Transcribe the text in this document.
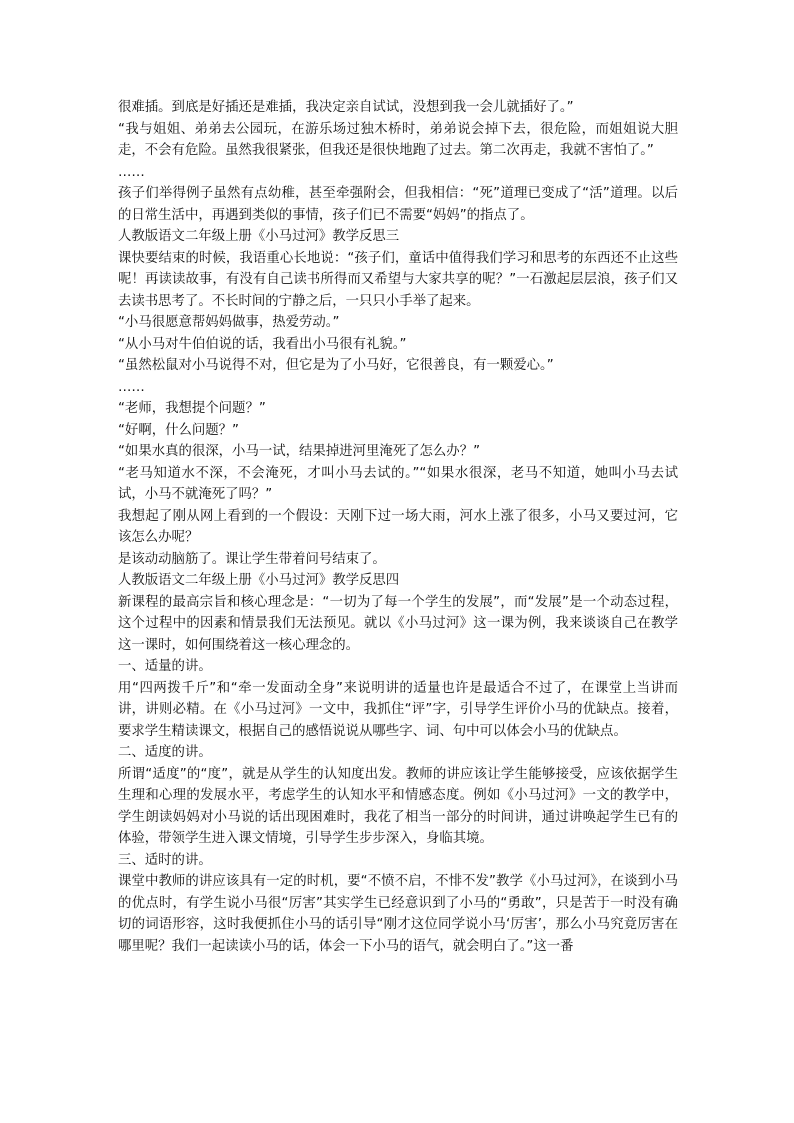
很难插。到底是好插还是难插，我决定亲自试试，没想到我一会儿就插好了。”

“我与姐姐、弟弟去公园玩，在游乐场过独木桥时，弟弟说会掉下去，很危险，而姐姐说大胆走，不会有危险。虽然我很紧张，但我还是很快地跑了过去。第二次再走，我就不害怕了。”

……

孩子们举得例子虽然有点幼稚，甚至牵强附会，但我相信：“死”道理已变成了“活”道理。以后的日常生活中，再遇到类似的事情，孩子们已不需要“妈妈”的指点了。

人教版语文二年级上册《小马过河》教学反思三

课快要结束的时候，我语重心长地说：“孩子们，童话中值得我们学习和思考的东西还不止这些呢！再读读故事，有没有自己读书所得而又希望与大家共享的呢？”一石激起层层浪，孩子们又去读书思考了。不长时间的宁静之后，一只只小手举了起来。

“小马很愿意帮妈妈做事，热爱劳动。”

“从小马对牛伯伯说的话，我看出小马很有礼貌。”

“虽然松鼠对小马说得不对，但它是为了小马好，它很善良，有一颗爱心。”

……

“老师，我想提个问题？”

“好啊，什么问题？”

“如果水真的很深，小马一试，结果掉进河里淹死了怎么办？”

“老马知道水不深，不会淹死，才叫小马去试的。”“如果水很深，老马不知道，她叫小马去试试，小马不就淹死了吗？”

我想起了刚从网上看到的一个假设：天刚下过一场大雨，河水上涨了很多，小马又要过河，它该怎么办呢？

是该动动脑筋了。课让学生带着问号结束了。

人教版语文二年级上册《小马过河》教学反思四

新课程的最高宗旨和核心理念是：“一切为了每一个学生的发展”，而“发展”是一个动态过程，这个过程中的因素和情景我们无法预见。就以《小马过河》这一课为例，我来谈谈自己在教学这一课时，如何围绕着这一核心理念的。

一、适量的讲。

用“四两拨千斤”和“牵一发面动全身”来说明讲的适量也许是最适合不过了，在课堂上当讲而讲，讲则必精。在《小马过河》一文中，我抓住“评”字，引导学生评价小马的优缺点。接着，要求学生精读课文，根据自己的感悟说说从哪些字、词、句中可以体会小马的优缺点。

二、适度的讲。

所谓“适度”的“度”，就是从学生的认知度出发。教师的讲应该让学生能够接受，应该依据学生生理和心理的发展水平，考虑学生的认知水平和情感态度。例如《小马过河》一文的教学中，学生朗读妈妈对小马说的话出现困难时，我花了相当一部分的时间讲，通过讲唤起学生已有的体验，带领学生进入课文情境，引导学生步步深入，身临其境。

三、适时的讲。

课堂中教师的讲应该具有一定的时机，要“不愤不启，不悱不发”教学《小马过河》，在谈到小马的优点时，有学生说小马很“厉害”其实学生已经意识到了小马的“勇敢”，只是苦于一时没有确切的词语形容，这时我便抓住小马的话引导“刚才这位同学说小马‘厉害’，那么小马究竟厉害在哪里呢？我们一起读读小马的话，体会一下小马的语气，就会明白了。”这一番
